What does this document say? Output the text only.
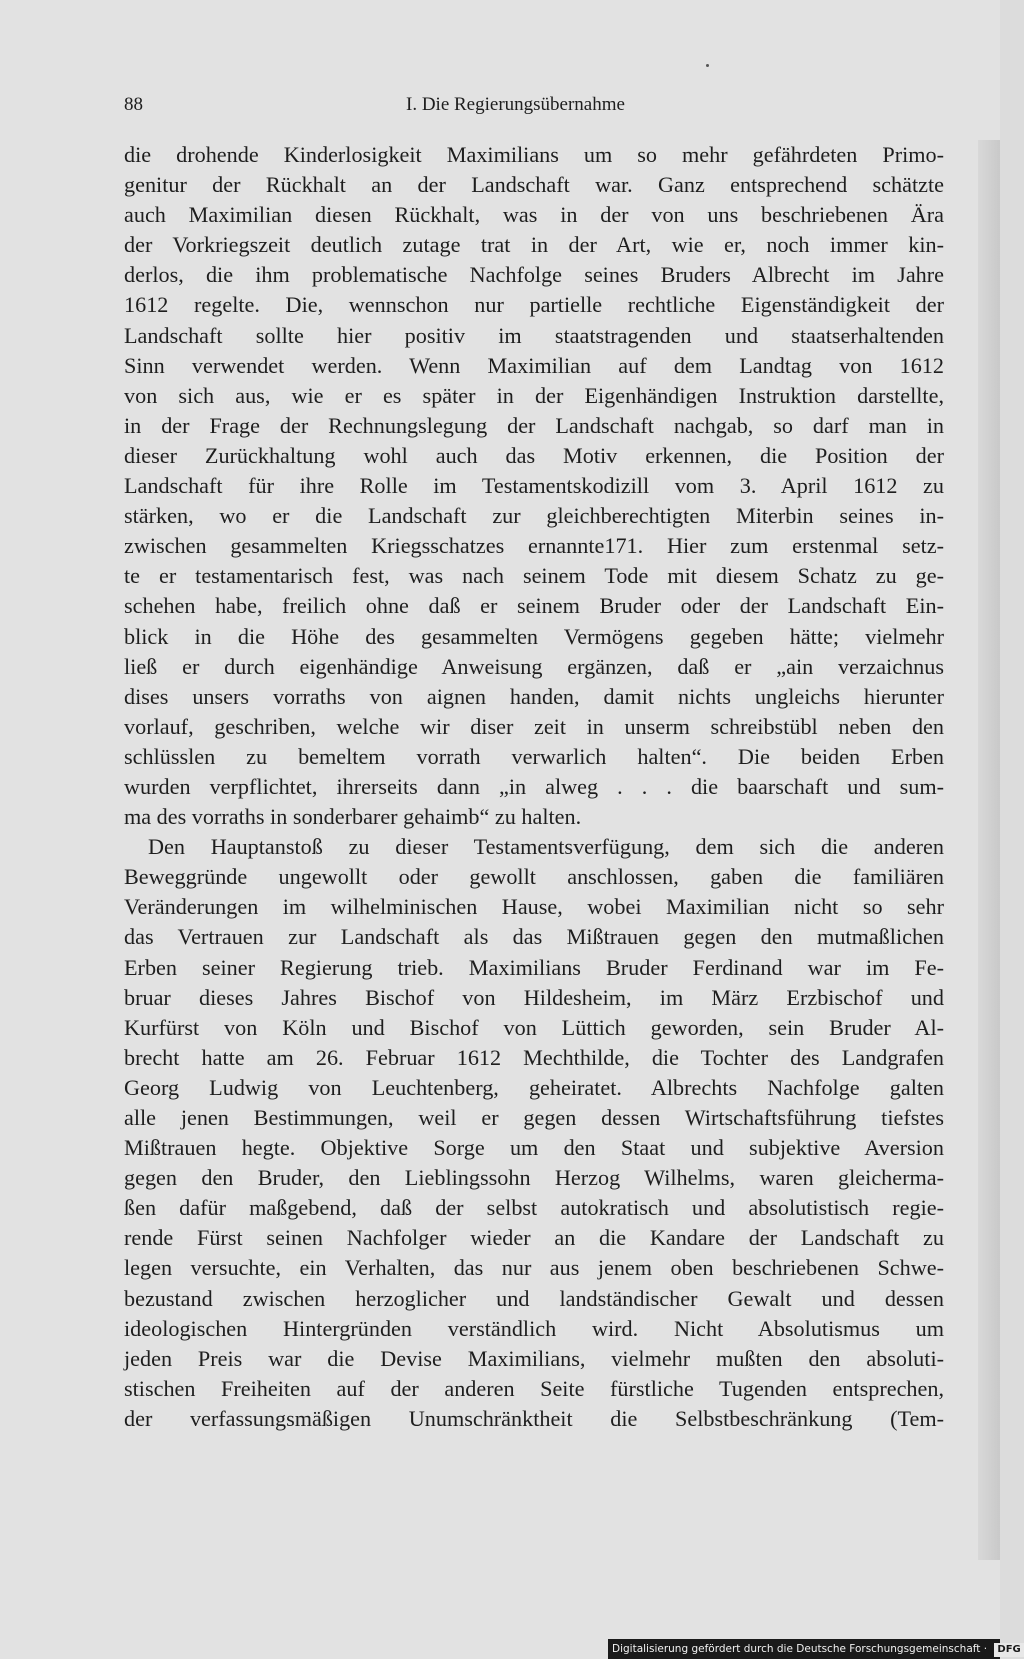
88	I. Die Regierungsübernahme
die drohende Kinderlosigkeit Maximilians um so mehr gefährdeten Primo-
genitur der Rückhalt an der Landschaft war. Ganz entsprechend schätzte
auch Maximilian diesen Rückhalt, was in der von uns beschriebenen Ära
der Vorkriegszeit deutlich zutage trat in der Art, wie er, noch immer kin-
derlos, die ihm problematische Nachfolge seines Bruders Albrecht im Jahre
1612 regelte. Die, wennschon nur partielle rechtliche Eigenständigkeit der
Landschaft sollte hier positiv im staatstragenden und staatserhaltenden
Sinn verwendet werden. Wenn Maximilian auf dem Landtag von 1612
von sich aus, wie er es später in der Eigenhändigen Instruktion darstellte,
in der Frage der Rechnungslegung der Landschaft nachgab, so darf man in
dieser Zurückhaltung wohl auch das Motiv erkennen, die Position der
Landschaft für ihre Rolle im Testamentskodizill vom 3. April 1612 zu
stärken, wo er die Landschaft zur gleichberechtigten Miterbin seines in-
zwischen gesammelten Kriegsschatzes ernannte171. Hier zum erstenmal setz-
te er testamentarisch fest, was nach seinem Tode mit diesem Schatz zu ge-
schehen habe, freilich ohne daß er seinem Bruder oder der Landschaft Ein-
blick in die Höhe des gesammelten Vermögens gegeben hätte; vielmehr
ließ er durch eigenhändige Anweisung ergänzen, daß er „ain verzaichnus
dises unsers vorraths von aignen handen, damit nichts ungleichs hierunter
vorlauf, geschriben, welche wir diser zeit in unserm schreibstübl neben den
schlüsslen zu bemeltem vorrath verwarlich halten“. Die beiden Erben
wurden verpflichtet, ihrerseits dann „in alweg . . . die baarschaft und sum-
ma des vorraths in sonderbarer gehaimb“ zu halten.
Den Hauptanstoß zu dieser Testamentsverfügung, dem sich die anderen
Beweggründe ungewollt oder gewollt anschlossen, gaben die familiären
Veränderungen im wilhelminischen Hause, wobei Maximilian nicht so sehr
das Vertrauen zur Landschaft als das Mißtrauen gegen den mutmaßlichen
Erben seiner Regierung trieb. Maximilians Bruder Ferdinand war im Fe-
bruar dieses Jahres Bischof von Hildesheim, im März Erzbischof und
Kurfürst von Köln und Bischof von Lüttich geworden, sein Bruder Al-
brecht hatte am 26. Februar 1612 Mechthilde, die Tochter des Landgrafen
Georg Ludwig von Leuchtenberg, geheiratet. Albrechts Nachfolge galten
alle jenen Bestimmungen, weil er gegen dessen Wirtschaftsführung tiefstes
Mißtrauen hegte. Objektive Sorge um den Staat und subjektive Aversion
gegen den Bruder, den Lieblingssohn Herzog Wilhelms, waren gleicherma-
ßen dafür maßgebend, daß der selbst autokratisch und absolutistisch regie-
rende Fürst seinen Nachfolger wieder an die Kandare der Landschaft zu
legen versuchte, ein Verhalten, das nur aus jenem oben beschriebenen Schwe-
bezustand zwischen herzoglicher und landständischer Gewalt und dessen
ideologischen Hintergründen verständlich wird. Nicht Absolutismus um
jeden Preis war die Devise Maximilians, vielmehr mußten den absoluti-
stischen Freiheiten auf der anderen Seite fürstliche Tugenden entsprechen,
der verfassungsmäßigen Unumschränktheit die Selbstbeschränkung (Tem-
Digitalisierung gefördert durch die Deutsche Forschungsgemeinschaft · DFG
